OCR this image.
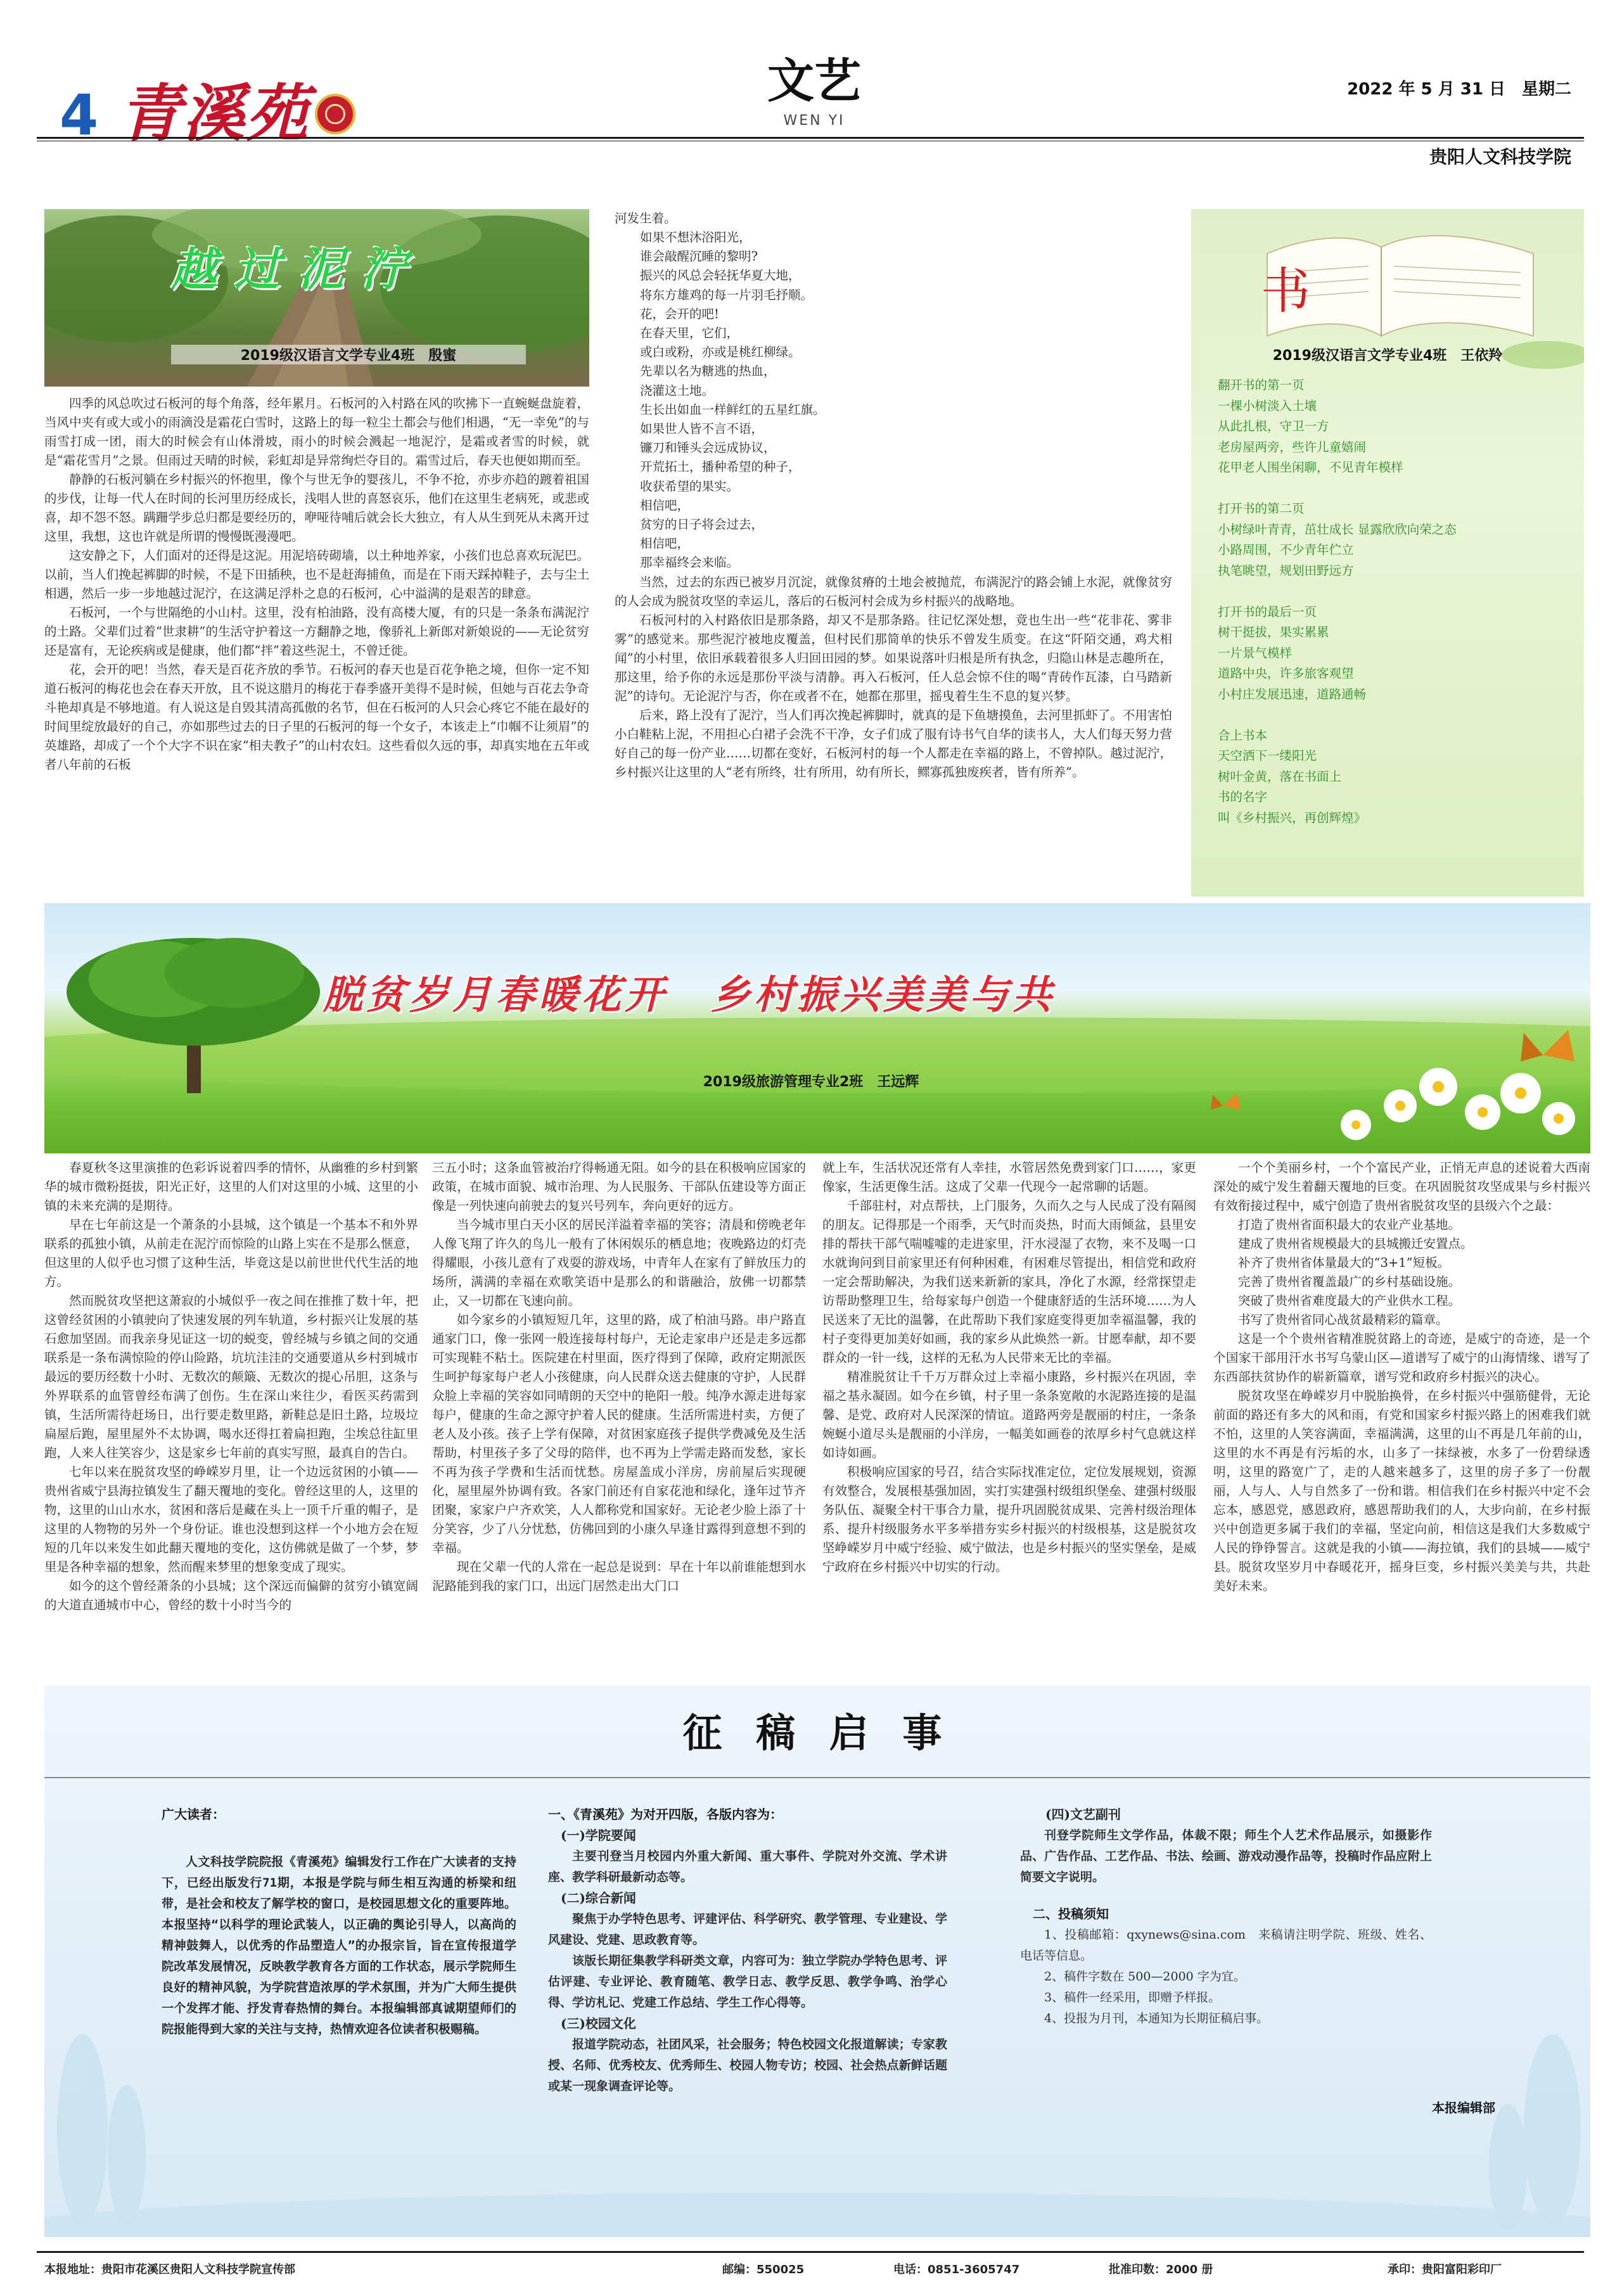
4 青溪苑	文艺
WEN YI
2022 年 5 月 31 日　星期二
贵阳人文科技学院
越过泥泞
2019级汉语言文学专业4班　殷蜜

四季的风总吹过石板河的每个角落，经年累月。石板河的入村路在风的吹拂下一直蜿蜒盘旋着，当风中夹有或大或小的雨滴没是霜花白雪时，这路上的每一粒尘土都会与他们相遇，“无一幸免”的与雨雪打成一团，雨大的时候会有山体滑坡，雨小的时候会溅起一地泥泞，是霜或者雪的时候，就是“霜花雪月”之景。但雨过天晴的时候，彩虹却是异常绚烂夺目的。霜雪过后，春天也便如期而至。

静静的石板河躺在乡村振兴的怀抱里，像个与世无争的婴孩儿，不争不抢，亦步亦趋的踱着祖国的步伐，让每一代人在时间的长河里历经成长，浅唱人世的喜怒哀乐，他们在这里生老病死，或悲或喜，却不怨不怒。蹒跚学步总归都是要经历的，咿哑待哺后就会长大独立，有人从生到死从未离开过这里，我想，这也许就是所谓的慢慢既漫漫吧。

这安静之下，人们面对的还得是这泥。用泥培砖砌墙，以土种地养家，小孩们也总喜欢玩泥巴。以前，当人们挽起裤脚的时候，不是下田插秧，也不是赶海捕鱼，而是在下雨天踩掉鞋子，去与尘土相遇，然后一步一步地越过泥泞，在这满足浮朴之息的石板河，心中溢满的是艰苦的肆意。

石板河，一个与世隔绝的小山村。这里，没有柏油路，没有高楼大厦，有的只是一条条布满泥泞的土路。父辈们过着“世隶耕”的生活守护着这一方翻静之地，像骄礼上新郎对新娘说的——无论贫穷还是富有，无论疾病或是健康，他们都“拌”着这些泥土，不曾迁徙。

花，会开的吧！当然，春天是百花齐放的季节。石板河的春天也是百花争艳之境，但你一定不知道石板河的梅花也会在春天开放，且不说这腊月的梅花于春季盛开美得不是时候，但她与百花去争奇斗艳却真是不够地道。有人说这是自毁其清高孤傲的名节，但在石板河的人只会心疼它不能在最好的时间里绽放最好的自己，亦如那些过去的日子里的石板河的每一个女子，本该走上“巾帼不让须眉”的英雄路，却成了一个个大字不识在家“相夫教子”的山村农妇。这些看似久远的事，却真实地在五年或者八年前的石板

河发生着。

如果不想沐浴阳光，
谁会敲醒沉睡的黎明?
振兴的风总会轻抚华夏大地，
将东方雄鸡的每一片羽毛抒顺。
花，会开的吧!
在春天里，它们，
或白或粉，亦或是桃红柳绿。
先辈以名为糖逃的热血，
浇灌这土地。
生长出如血一样鲜红的五星红旗。
如果世人皆不言不语，
镰刀和锤头会远成协议，
开荒拓土，播种希望的种子，
收获希望的果实。
相信吧，
贫穷的日子将会过去，
相信吧，
那幸福终会来临。

当然，过去的东西已被岁月沉淀，就像贫瘠的土地会被抛荒，布满泥泞的路会铺上水泥，就像贫穷的人会成为脱贫攻坚的幸运儿，落后的石板河村会成为乡村振兴的战略地。

石板河村的入村路依旧是那条路，却又不是那条路。往记忆深处想，竟也生出一些“花非花、雾非雾”的感觉来。那些泥泞被地皮覆盖，但村民们那简单的快乐不曾发生质变。在这“阡陌交通，鸡犬相闻”的小村里，依旧承载着很多人归回田园的梦。如果说落叶归根是所有执念，归隐山林是志趣所在，那这里，给予你的永远是那份平淡与清静。再入石板河，任人总会惊不住的喝“青砖作瓦漆，白马踏新泥”的诗句。无论泥泞与否，你在或者不在，她都在那里，摇曳着生生不息的复兴梦。

后来，路上没有了泥泞，当人们再次挽起裤脚时，就真的是下鱼塘摸鱼，去河里抓虾了。不用害怕小白鞋粘上泥，不用担心白裙子会洗不干净，女子们成了服有诗书气自华的读书人，大人们每天努力营好自己的每一份产业……切都在变好，石板河村的每一个人都走在幸福的路上，不曾掉队。越过泥泞，乡村振兴让这里的人“老有所终，壮有所用，幼有所长，鳏寡孤独废疾者，皆有所养”。

书
2019级汉语言文学专业4班　王依羚
翻开书的第一页
一棵小树淡入土壤
从此扎根，守卫一方
老房屋两旁，些许儿童嬉闹
花甲老人围坐闲聊，不见青年模样
打开书的第二页
小树绿叶青青，茁壮成长 显露欣欣向荣之态
小路周围，不少青年伫立
执笔眺望，规划田野远方
打开书的最后一页
树干挺拔，果实累累
一片景气模样
道路中央，许多旅客观望
小村庄发展迅速，道路通畅
合上书本
天空洒下一缕阳光
树叶金黄，落在书面上
书的名字
叫《乡村振兴，再创辉煌》
脱贫岁月春暖花开　乡村振兴美美与共
2019级旅游管理专业2班　王远辉

春夏秋冬这里演推的色彩诉说着四季的情怀，从幽雅的乡村到繁华的城市微粉挺拔，阳光正好，这里的人们对这里的小城、这里的小镇的未来充满的是期待。

早在七年前这是一个萧条的小县城，这个镇是一个基本不和外界联系的孤独小镇，从前走在泥泞而惊险的山路上实在不是那么惬意，但这里的人似乎也习惯了这种生活，毕竟这是以前世世代代生活的地方。

然而脱贫攻坚把这萧寂的小城似乎一夜之间在推推了数十年，把这曾经贫困的小镇驶向了快速发展的列车轨道，乡村振兴让发展的基石愈加坚固。而我亲身见证这一切的蜕变，曾经城与乡镇之间的交通联系是一条布满惊险的停山险路，坑坑洼洼的交通要道从乡村到城市最远的要历经数十小时、无数次的颠簸、无数次的提心吊胆，这条与外界联系的血管曾经布满了创伤。生在深山来往少，看医买药需到镇，生活所需待赶场日，出行要走数里路，新鞋总是旧土路，垃圾垃扁屋后跑，屋里屋外不太协调，喝水还得扛着扁担跑，尘埃总往缸里跑，人来人往笑容少，这是家乡七年前的真实写照，最真自的告白。

七年以来在脱贫攻坚的峥嵘岁月里，让一个边远贫困的小镇——贵州省威宁县海拉镇发生了翻天覆地的变化。曾经这里的人，这里的物，这里的山山水水，贫困和落后是藏在头上一顶千斤重的帽子，是这里的人物物的另外一个身份证。谁也没想到这样一个小地方会在短短的几年以来发生如此翻天覆地的变化，这仿佛就是做了一个梦，梦里是各种幸福的想象，然而醒来梦里的想象变成了现实。

如今的这个曾经萧条的小县城；这个深远而偏僻的贫穷小镇宽阔的大道直通城市中心，曾经的数十小时当今的

三五小时；这条血管被治疗得畅通无阻。如今的县在积极响应国家的政策，在城市面貌、城市治理、为人民服务、干部队伍建设等方面正像是一列快速向前驶去的复兴号列车，奔向更好的远方。

当今城市里白天小区的居民洋溢着幸福的笑容；清晨和傍晚老年人像飞翔了许久的鸟儿一般有了休闲娱乐的栖息地；夜晚路边的灯壳得耀眼，小孩儿意有了戏耍的游戏场，中青年人在家有了鲜放压力的场所，满满的幸福在欢歌笑语中是那么的和谐融洽，放佛一切都禁止，又一切都在飞速向前。

如今家乡的小镇短短几年，这里的路，成了柏油马路。串户路直通家门口，像一张网一般连接每村每户，无论走家串户还是走多远都可实现鞋不粘土。医院建在村里面，医疗得到了保障，政府定期派医生呵护每家每户老人小孩健康，向人民群众送去健康的守护，人民群众脸上幸福的笑容如同晴朗的天空中的艳阳一般。纯净水源走进每家每户，健康的生命之源守护着人民的健康。生活所需进村卖，方便了老人及小孩。孩子上学有保障，对贫困家庭孩子提供学费减免及生活帮助，村里孩子多了父母的陪伴，也不再为上学需走路而发愁，家长不再为孩子学费和生活而忧愁。房屋盖成小洋房，房前屋后实现硬化，屋里屋外协调有致。各家门前还有自家花池和绿化，逢年过节齐团聚，家家户户齐欢笑，人人都称党和国家好。无论老少脸上添了十分笑容，少了八分忧愁，仿佛回到的小康久早逢甘露得到意想不到的幸福。

现在父辈一代的人常在一起总是说到：早在十年以前谁能想到水泥路能到我的家门口，出远门居然走出大门口

就上车，生活状况还常有人幸挂，水管居然免费到家门口……，家更像家，生活更像生活。这成了父辈一代现今一起常聊的话题。

千部驻村，对点帮扶，上门服务，久而久之与人民成了没有隔阂的朋友。记得那是一个雨季，天气时而炎热，时而大雨倾盆，县里安排的帮扶干部气喘嘘嘘的走进家里，汗水浸湿了衣物，来不及喝一口水就询问到目前家里还有何种困难，有困难尽管提出，相信党和政府一定会帮助解决，为我们送来新新的家具，净化了水源，经常探望走访帮助整理卫生，给每家每户创造一个健康舒适的生活环境……为人民送来了无比的温馨，在此帮助下我们家庭变得更加幸福温馨，我的村子变得更加美好如画，我的家乡从此焕然一新。甘愿奉献，却不要群众的一针一线，这样的无私为人民带来无比的幸福。

精准脱贫让千千万万群众过上幸福小康路，乡村振兴在巩固，幸福之基永凝固。如今在乡镇，村子里一条条宽敞的水泥路连接的是温馨、是党、政府对人民深深的情谊。道路两旁是靓丽的村庄，一条条婉蜒小道尽头是靓丽的小洋房，一幅美如画卷的浓厚乡村气息就这样如诗如画。

积极响应国家的号召，结合实际找准定位，定位发展规划，资源有效整合，发展根基强加固，实打实建强村级组织堡垒、建强村级服务队伍、凝聚全村干事合力量，提升巩固脱贫成果、完善村级治理体系、提升村级服务水平多举措夯实乡村振兴的村级根基，这是脱贫攻坚峥嵘岁月中威宁经验、威宁做法，也是乡村振兴的坚实堡垒，是威宁政府在乡村振兴中切实的行动。

一个个美丽乡村，一个个富民产业，正悄无声息的述说着大西南深处的威宁发生着翻天覆地的巨变。在巩固脱贫攻坚成果与乡村振兴有效衔接过程中，威宁创造了贵州省脱贫攻坚的县级六个之最：

打造了贵州省面积最大的农业产业基地。

建成了贵州省规模最大的县城搬迁安置点。

补齐了贵州省体量最大的“3+1”短板。

完善了贵州省覆盖最广的乡村基础设施。

突破了贵州省难度最大的产业供水工程。

书写了贵州省同心战贫最精彩的篇章。

这是一个个贵州省精准脱贫路上的奇迹，是威宁的奇迹，是一个个国家干部用汗水书写乌蒙山区—道谱写了威宁的山海情缘、谱写了东西部扶贫协作的崭新篇章，谱写党和政府乡村振兴的决心。

脱贫攻坚在峥嵘岁月中脱胎换骨，在乡村振兴中强筋健骨，无论前面的路还有多大的风和雨，有党和国家乡村振兴路上的困难我们就不怕，这里的人笑容满面，幸福满满，这里的山不再是几年前的山，这里的水不再是有污垢的水，山多了一抹绿被，水多了一份碧绿透明，这里的路宽广了，走的人越来越多了，这里的房子多了一份靓丽，人与人、人与自然多了一份和谐。相信我们在乡村振兴中定不会忘本，感恩党，感恩政府，感恩帮助我们的人，大步向前，在乡村振兴中创造更多属于我们的幸福，坚定向前，相信这是我们大多数威宁人民的铮铮誓言。这就是我的小镇——海拉镇，我们的县城——威宁县。脱贫攻坚岁月中春暖花开，摇身巨变，乡村振兴美美与共，共赴美好未来。

征 稿 启 事
广大读者：

人文科技学院院报《青溪苑》编辑发行工作在广大读者的支持下，已经出版发行71期，本报是学院与师生相互沟通的桥梁和纽带，是社会和校友了解学校的窗口，是校园思想文化的重要阵地。本报坚持“以科学的理论武装人，以正确的舆论引导人，以高尚的精神鼓舞人，以优秀的作品塑造人”的办报宗旨，旨在宣传报道学院改革发展情况，反映教学教育各方面的工作状态，展示学院师生良好的精神风貌，为学院营造浓厚的学术氛围，并为广大师生提供一个发挥才能、抒发青春热情的舞台。本报编辑部真诚期望师们的院报能得到大家的关注与支持，热情欢迎各位读者积极赐稿。

一、《青溪苑》为对开四版，各版内容为：
(一)学院要闻

主要刊登当月校园内外重大新闻、重大事件、学院对外交流、学术讲座、教学科研最新动态等。

(二)综合新闻

聚焦于办学特色思考、评建评估、科学研究、教学管理、专业建设、学风建设、党建、思政教育等。

该版长期征集教学科研类文章，内容可为：独立学院办学特色思考、评估评建、专业评论、教育随笔、教学日志、教学反思、教学争鸣、治学心得、学访札记、党建工作总结、学生工作心得等。

(三)校园文化

报道学院动态，社团风采，社会服务；特色校园文化报道解读；专家教授、名师、优秀校友、优秀师生、校园人物专访；校园、社会热点新鲜话题或某一现象调查评论等。

(四)文艺副刊

刊登学院师生文学作品，体裁不限；师生个人艺术作品展示，如摄影作品、广告作品、工艺作品、书法、绘画、游戏动漫作品等，投稿时作品应附上简要文字说明。

二、投稿须知

1、投稿邮箱：qxynews@sina.com　来稿请注明学院、班级、姓名、电话等信息。

2、稿件字数在 500—2000 字为宜。

3、稿件一经采用，即赠予样报。

4、投报为月刊，本通知为长期征稿启事。

本报编辑部
本报地址：贵阳市花溪区贵阳人文科技学院宣传部	邮编：550025	电话：0851-3605747	批准印数：2000 册	承印：贵阳富阳彩印厂
